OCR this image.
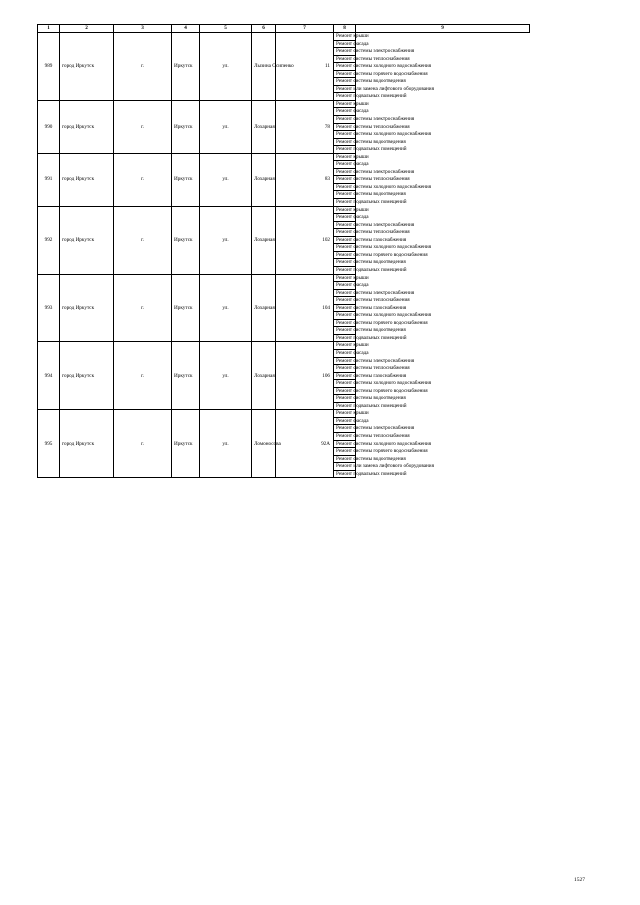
1	2	3	4	5	6	7	8	9
989	город Иркутск	г.	Иркутск	ул.	Лызина Осипенко	11	Ремонт крыши	
							Ремонт фасада	
							Ремонт системы электроснабжения	
							Ремонт системы теплоснабжения	
							Ремонт системы холодного водоснабжения	
							Ремонт системы горячего водоснабжения	
							Ремонт системы водоотведения	
							Ремонт или замена лифтового оборудования	
							Ремонт подвальных помещений	
990	город Иркутск	г.	Иркутск	ул.	Лохарная	78	Ремонт крыши	
							Ремонт фасада	
							Ремонт системы электроснабжения	
							Ремонт системы теплоснабжения	
							Ремонт системы холодного водоснабжения	
							Ремонт системы водоотведения	
							Ремонт подвальных помещений	
991	город Иркутск	г.	Иркутск	ул.	Лохарная	83	Ремонт крыши	
							Ремонт фасада	
							Ремонт системы электроснабжения	
							Ремонт системы теплоснабжения	
							Ремонт системы холодного водоснабжения	
							Ремонт системы водоотведения	
							Ремонт подвальных помещений	
992	город Иркутск	г.	Иркутск	ул.	Лохарная	102	Ремонт крыши	
							Ремонт фасада	
							Ремонт системы электроснабжения	
							Ремонт системы теплоснабжения	
							Ремонт системы газоснабжения	
							Ремонт системы холодного водоснабжения	
							Ремонт системы горячего водоснабжения	
							Ремонт системы водоотведения	
							Ремонт подвальных помещений	
993	город Иркутск	г.	Иркутск	ул.	Лохарная	104	Ремонт крыши	
							Ремонт фасада	
							Ремонт системы электроснабжения	
							Ремонт системы теплоснабжения	
							Ремонт системы газоснабжения	
							Ремонт системы холодного водоснабжения	
							Ремонт системы горячего водоснабжения	
							Ремонт системы водоотведения	
							Ремонт подвальных помещений	
994	город Иркутск	г.	Иркутск	ул.	Лохарная	106	Ремонт крыши	
							Ремонт фасада	
							Ремонт системы электроснабжения	
							Ремонт системы теплоснабжения	
							Ремонт системы газоснабжения	
							Ремонт системы холодного водоснабжения	
							Ремонт системы горячего водоснабжения	
							Ремонт системы водоотведения	
							Ремонт подвальных помещений	
995	город Иркутск	г.	Иркутск	ул.	Ломоносова	92А	Ремонт крыши	
							Ремонт фасада	
							Ремонт системы электроснабжения	
							Ремонт системы теплоснабжения	
							Ремонт системы холодного водоснабжения	
							Ремонт системы горячего водоснабжения	
							Ремонт системы водоотведения	
							Ремонт или замена лифтового оборудования	
							Ремонт подвальных помещений	
1527
